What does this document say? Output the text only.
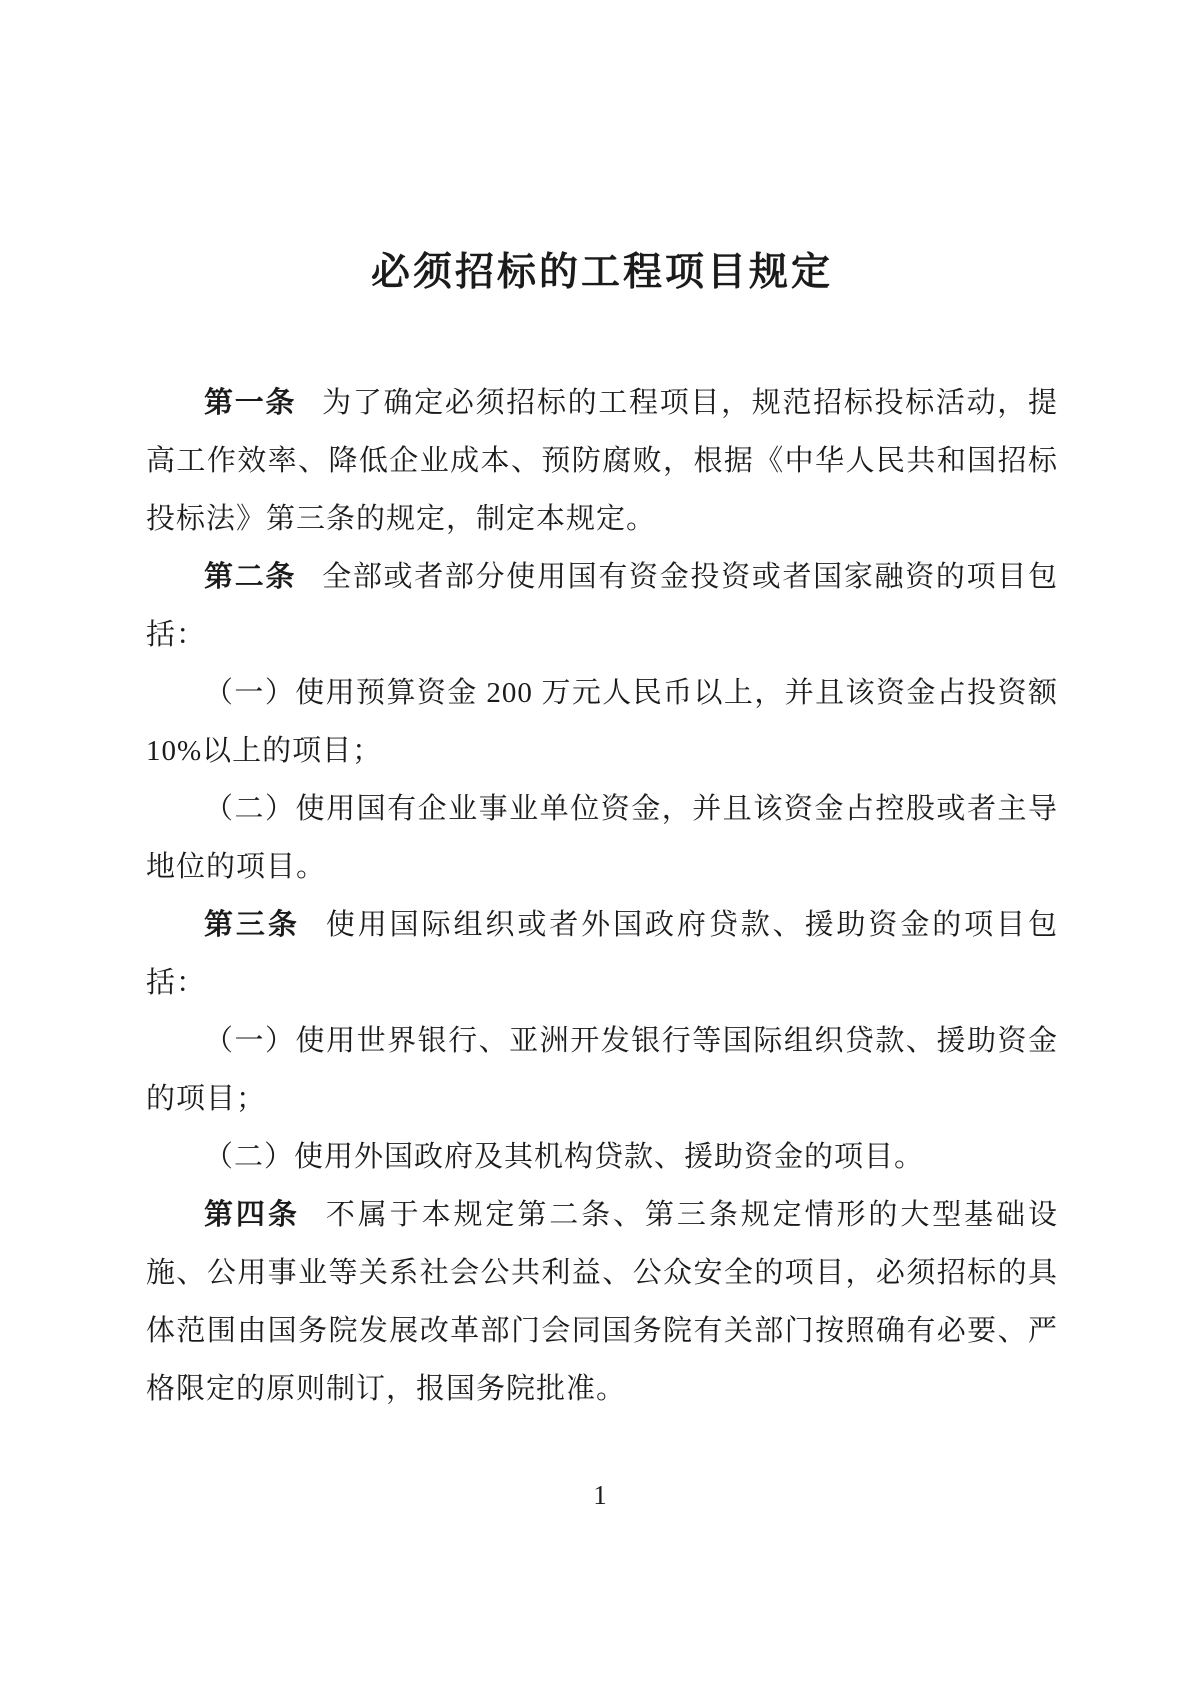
必须招标的工程项目规定

第一条 为了确定必须招标的工程项目，规范招标投标活动，提高工作效率、降低企业成本、预防腐败，根据《中华人民共和国招标投标法》第三条的规定，制定本规定。

第二条 全部或者部分使用国有资金投资或者国家融资的项目包括：

（一）使用预算资金 200 万元人民币以上，并且该资金占投资额 10%以上的项目；

（二）使用国有企业事业单位资金，并且该资金占控股或者主导地位的项目。

第三条 使用国际组织或者外国政府贷款、援助资金的项目包括：

（一）使用世界银行、亚洲开发银行等国际组织贷款、援助资金的项目；

（二）使用外国政府及其机构贷款、援助资金的项目。

第四条 不属于本规定第二条、第三条规定情形的大型基础设施、公用事业等关系社会公共利益、公众安全的项目，必须招标的具体范围由国务院发展改革部门会同国务院有关部门按照确有必要、严格限定的原则制订，报国务院批准。

1
